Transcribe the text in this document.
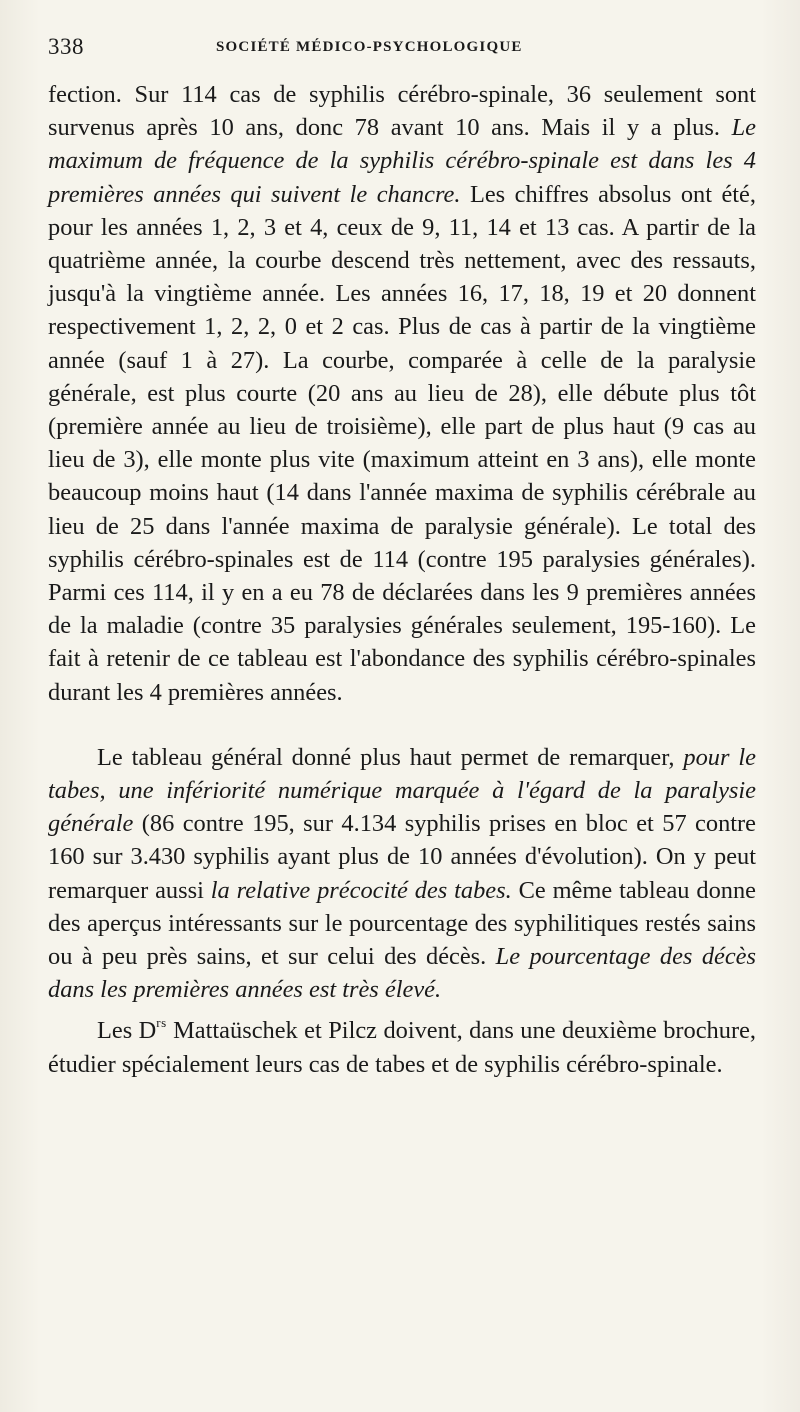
338	SOCIÉTÉ MÉDICO-PSYCHOLOGIQUE

fection. Sur 114 cas de syphilis cérébro-spinale, 36 seulement sont survenus après 10 ans, donc 78 avant 10 ans. Mais il y a plus. Le maximum de fréquence de la syphilis cérébro-spinale est dans les 4 premières années qui suivent le chancre. Les chiffres absolus ont été, pour les années 1, 2, 3 et 4, ceux de 9, 11, 14 et 13 cas. A partir de la quatrième année, la courbe descend très nettement, avec des ressauts, jusqu'à la vingtième année. Les années 16, 17, 18, 19 et 20 donnent respectivement 1, 2, 2, 0 et 2 cas. Plus de cas à partir de la vingtième année (sauf 1 à 27). La courbe, comparée à celle de la paralysie générale, est plus courte (20 ans au lieu de 28), elle débute plus tôt (première année au lieu de troisième), elle part de plus haut (9 cas au lieu de 3), elle monte plus vite (maximum atteint en 3 ans), elle monte beaucoup moins haut (14 dans l'année maxima de syphilis cérébrale au lieu de 25 dans l'année maxima de paralysie générale). Le total des syphilis cérébro-spinales est de 114 (contre 195 paralysies générales). Parmi ces 114, il y en a eu 78 de déclarées dans les 9 premières années de la maladie (contre 35 paralysies générales seulement, 195-160). Le fait à retenir de ce tableau est l'abondance des syphilis cérébro-spinales durant les 4 premières années.

Le tableau général donné plus haut permet de remarquer, pour le tabes, une infériorité numérique marquée à l'égard de la paralysie générale (86 contre 195, sur 4.134 syphilis prises en bloc et 57 contre 160 sur 3.430 syphilis ayant plus de 10 années d'évolution). On y peut remarquer aussi la relative précocité des tabes. Ce même tableau donne des aperçus intéressants sur le pourcentage des syphilitiques restés sains ou à peu près sains, et sur celui des décès. Le pourcentage des décès dans les premières années est très élevé.

Les $D^{rs}$ Mattaüschek et Pilcz doivent, dans une deuxième brochure, étudier spécialement leurs cas de tabes et de syphilis cérébro-spinale.
